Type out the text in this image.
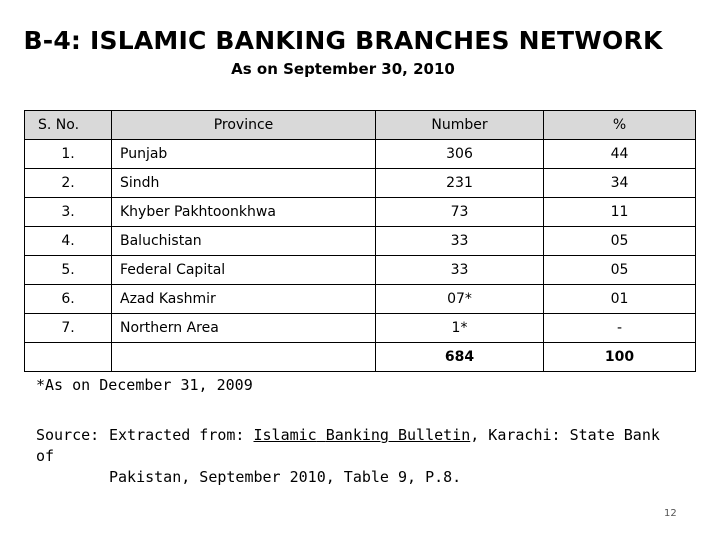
B-4: ISLAMIC BANKING BRANCHES NETWORK
As on September 30, 2010
S. No.	Province	Number	%
1.	Punjab	306	44
2.	Sindh	231	34
3.	Khyber Pakhtoonkhwa	73	11
4.	Baluchistan	33	05
5.	Federal Capital	33	05
6.	Azad Kashmir	07*	01
7.	Northern Area	1*	-
		684	100
*As on December 31, 2009
Source: Extracted from: Islamic Banking Bulletin, Karachi: State Bank of
Pakistan, September 2010, Table 9, P.8.
12
